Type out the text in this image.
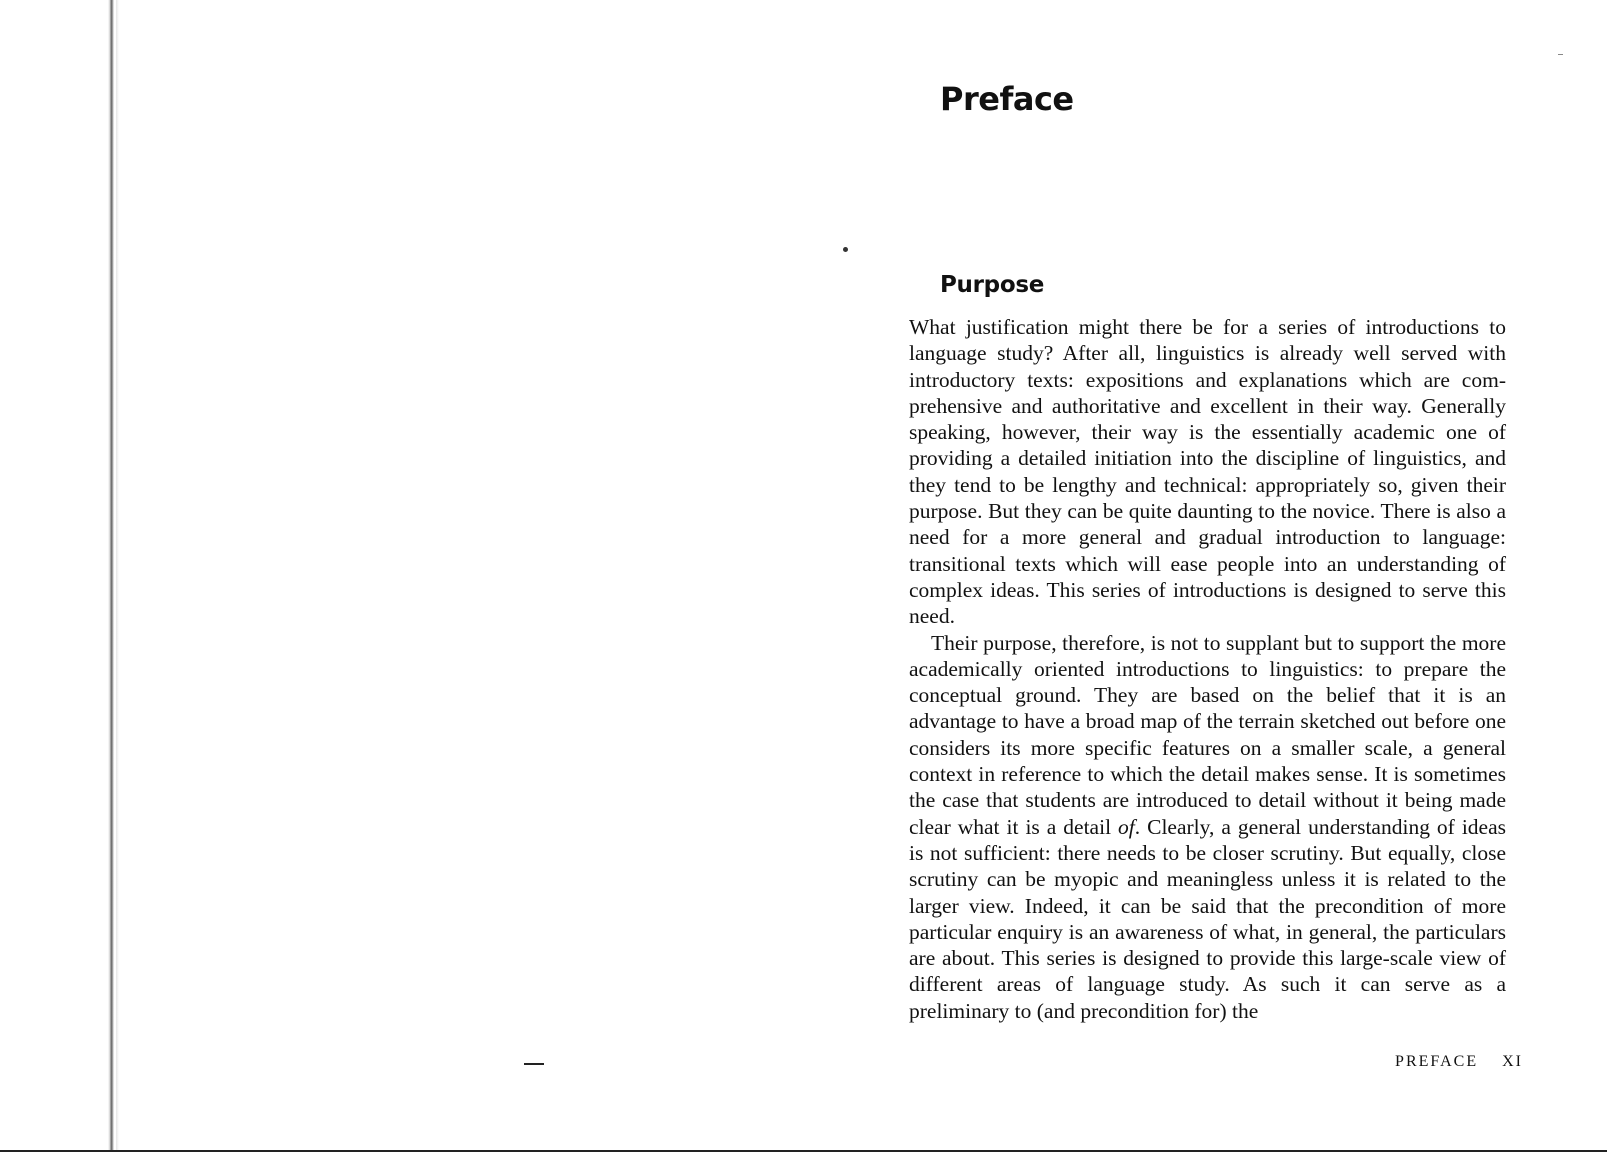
Preface
Purpose

What justification might there be for a series of introductions to language study? After all, linguistics is already well served with introductory texts: expositions and explanations which are comprehensive and authoritative and excellent in their way. Generally speaking, however, their way is the essentially academic one of providing a detailed initiation into the discipline of linguistics, and they tend to be lengthy and technical: appropriately so, given their purpose. But they can be quite daunting to the novice. There is also a need for a more general and gradual introduction to language: transitional texts which will ease people into an understanding of complex ideas. This series of introductions is designed to serve this need.

Their purpose, therefore, is not to supplant but to support the more academically oriented introductions to linguistics: to prepare the conceptual ground. They are based on the belief that it is an advantage to have a broad map of the terrain sketched out before one considers its more specific features on a smaller scale, a general context in reference to which the detail makes sense. It is sometimes the case that students are introduced to detail without it being made clear what it is a detail of. Clearly, a general understanding of ideas is not sufficient: there needs to be closer scrutiny. But equally, close scrutiny can be myopic and meaningless unless it is related to the larger view. Indeed, it can be said that the precondition of more particular enquiry is an awareness of what, in general, the particulars are about. This series is designed to provide this large-scale view of different areas of language study. As such it can serve as a preliminary to (and precondition for) the

PREFACE XI
